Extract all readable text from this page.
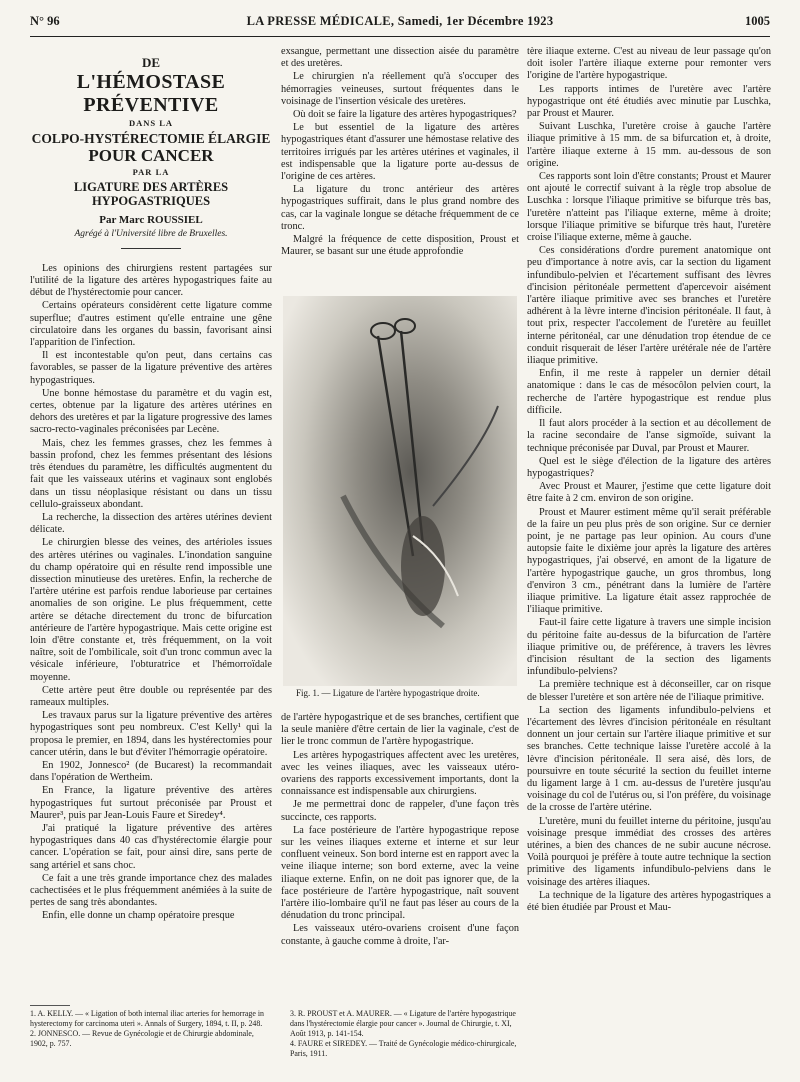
N° 96	LA PRESSE MÉDICALE, Samedi, 1er Décembre 1923	1005
DE
L'HÉMOSTASE PRÉVENTIVE
DANS LA
COLPO-HYSTÉRECTOMIE ÉLARGIE
POUR CANCER
PAR LA
LIGATURE DES ARTÈRES HYPOGASTRIQUES
Par Marc ROUSSIEL
Agrégé à l'Université libre de Bruxelles.

Les opinions des chirurgiens restent partagées sur l'utilité de la ligature des artères hypogastriques faite au début de l'hystérectomie pour cancer.

Certains opérateurs considèrent cette ligature comme superflue; d'autres estiment qu'elle entraine une gêne circulatoire dans les organes du bassin, favorisant ainsi l'apparition de l'infection.

Il est incontestable qu'on peut, dans certains cas favorables, se passer de la ligature préventive des artères hypogastriques.

Une bonne hémostase du paramètre et du vagin est, certes, obtenue par la ligature des artères utérines en dehors des uretères et par la ligature progressive des lames sacro-recto-vaginales préconisées par Lecène.

Mais, chez les femmes grasses, chez les femmes à bassin profond, chez les femmes présentant des lésions très étendues du paramètre, les difficultés augmentent du fait que les vaisseaux utérins et vaginaux sont englobés dans un tissu néoplasique résistant ou dans un tissu cellulo-graisseux abondant.

La recherche, la dissection des artères utérines devient délicate.

Le chirurgien blesse des veines, des artérioles issues des artères utérines ou vaginales. L'inondation sanguine du champ opératoire qui en résulte rend impossible une dissection minutieuse des uretères. Enfin, la recherche de l'artère utérine est parfois rendue laborieuse par certaines anomalies de son origine. Le plus fréquemment, cette artère se détache directement du tronc de bifurcation antérieure de l'artère hypogastrique. Mais cette origine est loin d'être constante et, très fréquemment, on la voit naître, soit de l'ombilicale, soit d'un tronc commun avec la vésicale inférieure, l'obturatrice et l'hémorroïdale moyenne.

Cette artère peut être double ou représentée par des rameaux multiples.

Les travaux parus sur la ligature préventive des artères hypogastriques sont peu nombreux. C'est Kelly¹ qui la proposa le premier, en 1894, dans les hystérectomies pour cancer utérin, dans le but d'éviter l'hémorragie opératoire.

En 1902, Jonnesco² (de Bucarest) la recommandait dans l'opération de Wertheim.

En France, la ligature préventive des artères hypogastriques fut surtout préconisée par Proust et Maurer³, puis par Jean-Louis Faure et Siredey⁴.

J'ai pratiqué la ligature préventive des artères hypogastriques dans 40 cas d'hystérectomie élargie pour cancer. L'opération se fait, pour ainsi dire, sans perte de sang artériel et sans choc.

Ce fait a une très grande importance chez des malades cachectisées et le plus fréquemment anémiées à la suite de pertes de sang très abondantes.

Enfin, elle donne un champ opératoire presque

exsangue, permettant une dissection aisée du paramètre et des uretères.

Le chirurgien n'a réellement qu'à s'occuper des hémorragies veineuses, surtout fréquentes dans le voisinage de l'insertion vésicale des uretères.

Où doit se faire la ligature des artères hypogastriques?

Le but essentiel de la ligature des artères hypogastriques étant d'assurer une hémostase relative des territoires irrigués par les artères utérines et vaginales, il est indispensable que la ligature porte au-dessus de l'origine de ces artères.

La ligature du tronc antérieur des artères hypogastriques suffirait, dans le plus grand nombre des cas, car la vaginale longue se détache fréquemment de ce tronc.

Malgré la fréquence de cette disposition, Proust et Maurer, se basant sur une étude approfondie

Fig. 1. — Ligature de l'artère hypogastrique droite.

de l'artère hypogastrique et de ses branches, certifient que la seule manière d'être certain de lier la vaginale, c'est de lier le tronc commun de l'artère hypogastrique.

Les artères hypogastriques affectent avec les uretères, avec les veines iliaques, avec les vaisseaux utéro-ovariens des rapports excessivement importants, dont la connaissance est indispensable aux chirurgiens.

Je me permettrai donc de rappeler, d'une façon très succincte, ces rapports.

La face postérieure de l'artère hypogastrique repose sur les veines iliaques externe et interne et sur leur confluent veineux. Son bord interne est en rapport avec la veine iliaque interne; son bord externe, avec la veine iliaque externe. Enfin, on ne doit pas ignorer que, de la face postérieure de l'artère hypogastrique, naît souvent l'artère ilio-lombaire qu'il ne faut pas léser au cours de la dénudation du tronc principal.

Les vaisseaux utéro-ovariens croisent d'une façon constante, à gauche comme à droite, l'ar-

tère iliaque externe. C'est au niveau de leur passage qu'on doit isoler l'artère iliaque externe pour remonter vers l'origine de l'artère hypogastrique.

Les rapports intimes de l'uretère avec l'artère hypogastrique ont été étudiés avec minutie par Luschka, par Proust et Maurer.

Suivant Luschka, l'uretère croise à gauche l'artère iliaque primitive à 15 mm. de sa bifurcation et, à droite, l'artère iliaque externe à 15 mm. au-dessous de son origine.

Ces rapports sont loin d'être constants; Proust et Maurer ont ajouté le correctif suivant à la règle trop absolue de Luschka : lorsque l'iliaque primitive se bifurque très bas, l'uretère n'atteint pas l'iliaque externe, même à droite; lorsque l'iliaque primitive se bifurque très haut, l'uretère croise l'iliaque externe, même à gauche.

Ces considérations d'ordre purement anatomique ont peu d'importance à notre avis, car la section du ligament infundibulo-pelvien et l'écartement suffisant des lèvres d'incision péritonéale permettent d'apercevoir aisément l'artère iliaque primitive avec ses branches et l'uretère adhérent à la lèvre interne d'incision péritonéale. Il faut, à tout prix, respecter l'accolement de l'uretère au feuillet interne péritonéal, car une dénudation trop étendue de ce conduit risquerait de léser l'artère urétérale née de l'artère iliaque primitive.

Enfin, il me reste à rappeler un dernier détail anatomique : dans le cas de mésocôlon pelvien court, la recherche de l'artère hypogastrique est rendue plus difficile.

Il faut alors procéder à la section et au décollement de la racine secondaire de l'anse sigmoïde, suivant la technique préconisée par Duval, par Proust et Maurer.

Quel est le siège d'élection de la ligature des artères hypogastriques?

Avec Proust et Maurer, j'estime que cette ligature doit être faite à 2 cm. environ de son origine.

Proust et Maurer estiment même qu'il serait préférable de la faire un peu plus près de son origine. Sur ce dernier point, je ne partage pas leur opinion. Au cours d'une autopsie faite le dixième jour après la ligature des artères hypogastriques, j'ai observé, en amont de la ligature de l'artère hypogastrique gauche, un gros thrombus, long d'environ 3 cm., pénétrant dans la lumière de l'artère iliaque primitive. La ligature était assez rapprochée de l'iliaque primitive.

Faut-il faire cette ligature à travers une simple incision du péritoine faite au-dessus de la bifurcation de l'artère iliaque primitive ou, de préférence, à travers les lèvres d'incision résultant de la section des ligaments infundibulo-pelviens?

La première technique est à déconseiller, car on risque de blesser l'uretère et son artère née de l'iliaque primitive.

La section des ligaments infundibulo-pelviens et l'écartement des lèvres d'incision péritonéale en résultant donnent un jour certain sur l'artère iliaque primitive et sur ses branches. Cette technique laisse l'uretère accolé à la lèvre d'incision péritonéale. Il sera aisé, dès lors, de poursuivre en toute sécurité la section du feuillet interne du ligament large à 1 cm. au-dessus de l'uretère jusqu'au voisinage du col de l'utérus ou, si l'on préfère, du voisinage de la crosse de l'artère utérine.

L'uretère, muni du feuillet interne du péritoine, jusqu'au voisinage presque immédiat des crosses des artères utérines, a bien des chances de ne subir aucune nécrose. Voilà pourquoi je préfère à toute autre technique la section primitive des ligaments infundibulo-pelviens dans le voisinage des artères iliaques.

La technique de la ligature des artères hypogastriques a été bien étudiée par Proust et Mau-

1. A. KELLY. — « Ligation of both internal iliac arteries for hemorrage in hysterectomy for carcinoma uteri ». Annals of Surgery, 1894, t. II, p. 248.
2. JONNESCO. — Revue de Gynécologie et de Chirurgie abdominale, 1902, p. 757.
3. R. PROUST et A. MAURER. — « Ligature de l'artère hypogastrique dans l'hystérectomie élargie pour cancer ». Journal de Chirurgie, t. XI, Août 1913, p. 141-154.
4. FAURE et SIREDEY. — Traité de Gynécologie médico-chirurgicale, Paris, 1911.
